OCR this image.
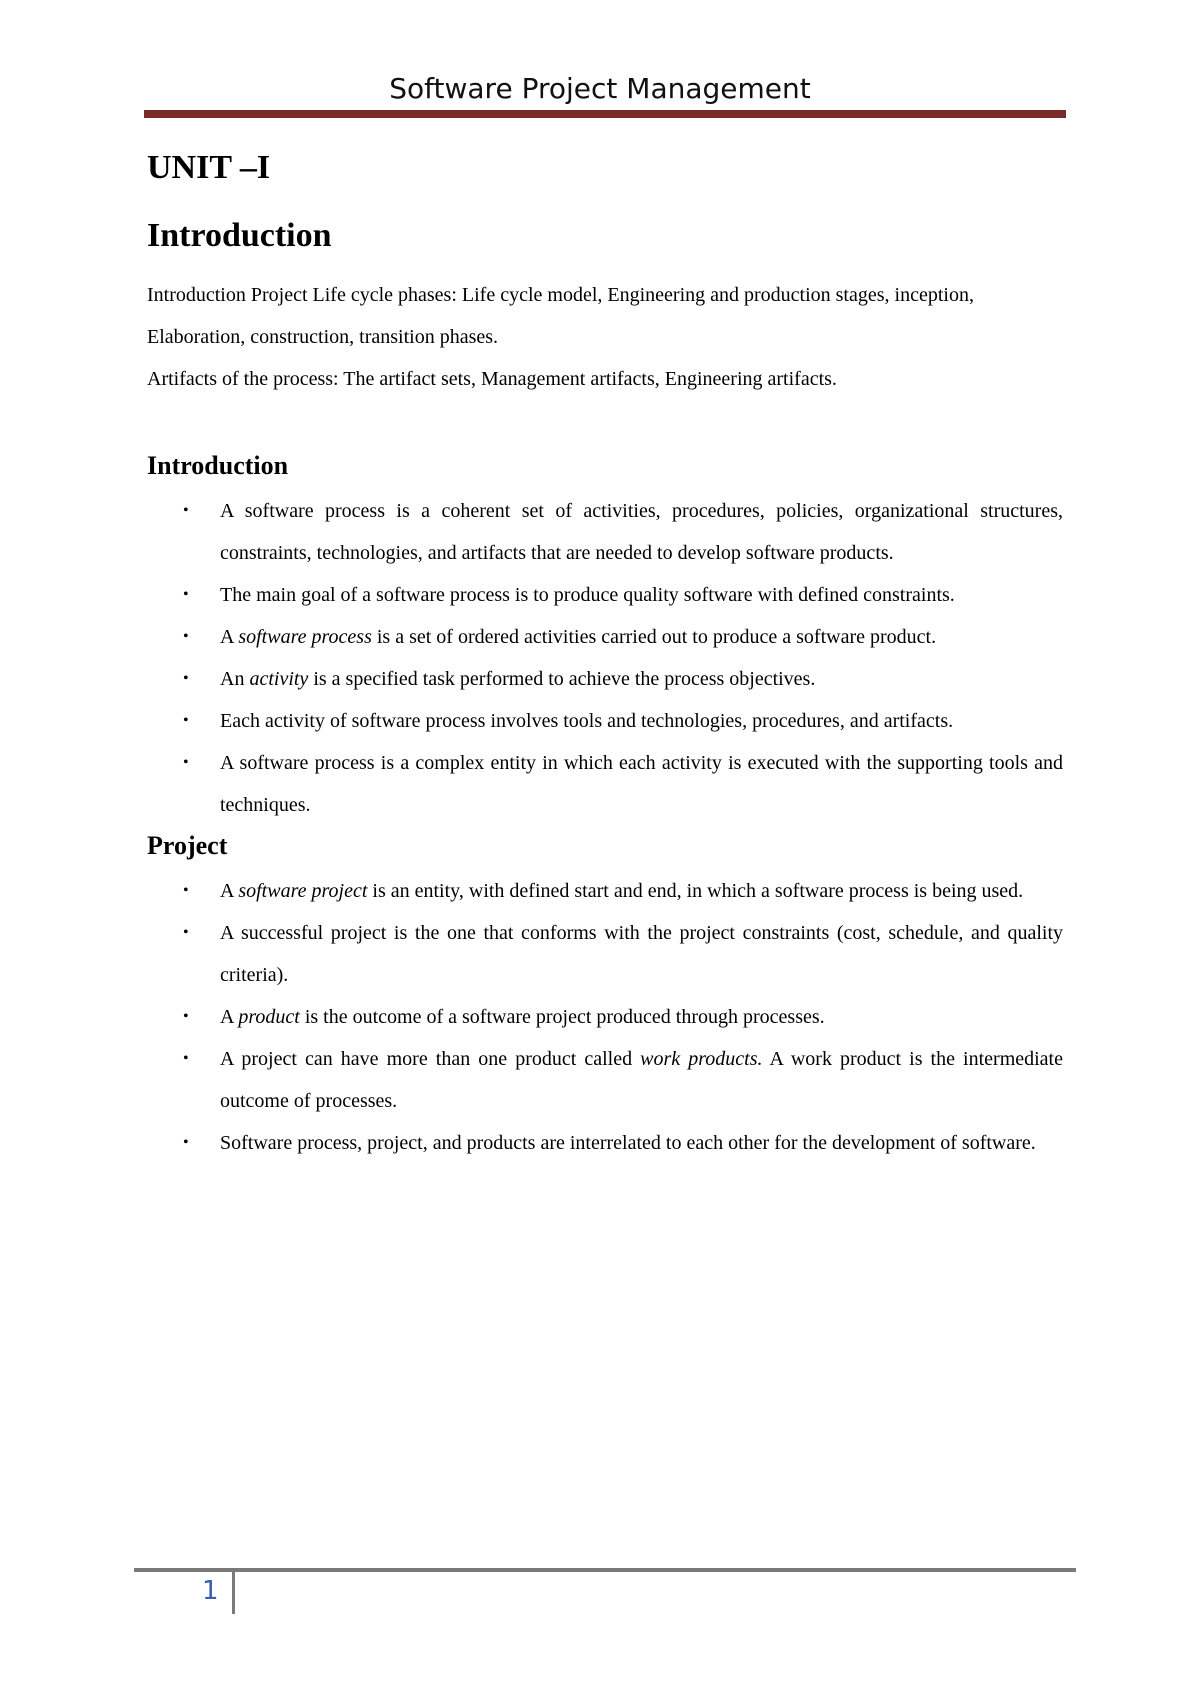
Software Project Management
UNIT –I
Introduction

Introduction Project Life cycle phases: Life cycle model, Engineering and production stages, inception, Elaboration, construction, transition phases.
Artifacts of the process: The artifact sets, Management artifacts, Engineering artifacts.

Introduction
• A software process is a coherent set of activities, procedures, policies, organizational structures, constraints, technologies, and artifacts that are needed to develop software products.
• The main goal of a software process is to produce quality software with defined constraints.
• A software process is a set of ordered activities carried out to produce a software product.
• An activity is a specified task performed to achieve the process objectives.
• Each activity of software process involves tools and technologies, procedures, and artifacts.
• A software process is a complex entity in which each activity is executed with the supporting tools and techniques.
Project
• A software project is an entity, with defined start and end, in which a software process is being used.
• A successful project is the one that conforms with the project constraints (cost, schedule, and quality criteria).
• A product is the outcome of a software project produced through processes.
• A project can have more than one product called work products. A work product is the intermediate outcome of processes.
• Software process, project, and products are interrelated to each other for the development of software.
1
